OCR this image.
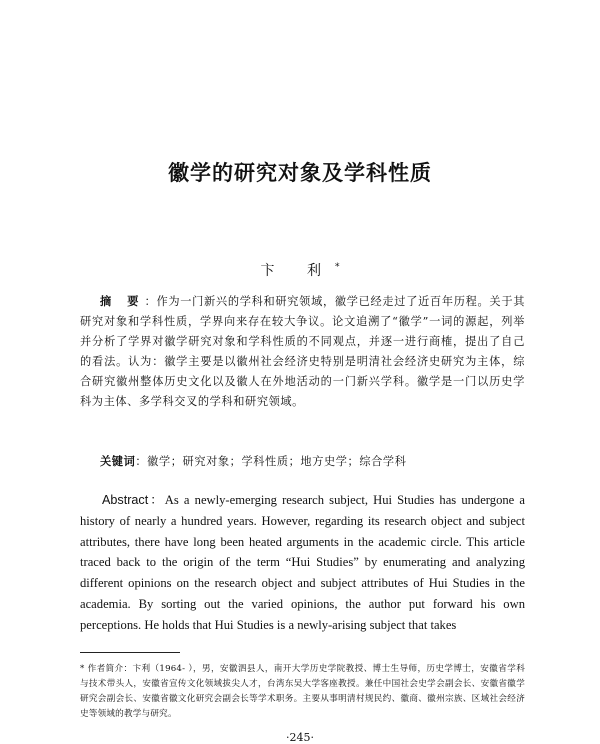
徽学的研究对象及学科性质
卞 利*
摘 要：作为一门新兴的学科和研究领域，徽学已经走过了近百年历程。关于其研究对象和学科性质，学界向来存在较大争议。论文追溯了“徽学”一词的源起，列举并分析了学界对徽学研究对象和学科性质的不同观点，并逐一进行商榷，提出了自己的看法。认为：徽学主要是以徽州社会经济史特别是明清社会经济史研究为主体，综合研究徽州整体历史文化以及徽人在外地活动的一门新兴学科。徽学是一门以历史学科为主体、多学科交叉的学科和研究领域。
关键词：徽学；研究对象；学科性质；地方史学；综合学科
Abstract：As a newly-emerging research subject, Hui Studies has undergone a history of nearly a hundred years. However, regarding its research object and subject attributes, there have long been heated arguments in the academic circle. This article traced back to the origin of the term “Hui Studies” by enumerating and analyzing different opinions on the research object and subject attributes of Hui Studies in the academia. By sorting out the varied opinions, the author put forward his own perceptions. He holds that Hui Studies is a newly-arising subject that takes
* 作者简介：卞利（1964- ），男，安徽泗县人，南开大学历史学院教授、博士生导师，历史学博士，安徽省学科与技术带头人，安徽省宣传文化领域拔尖人才，台湾东吴大学客座教授。兼任中国社会史学会副会长、安徽省徽学研究会副会长、安徽省徽文化研究会副会长等学术职务。主要从事明清村规民约、徽商、徽州宗族、区域社会经济史等领域的教学与研究。
·245·
